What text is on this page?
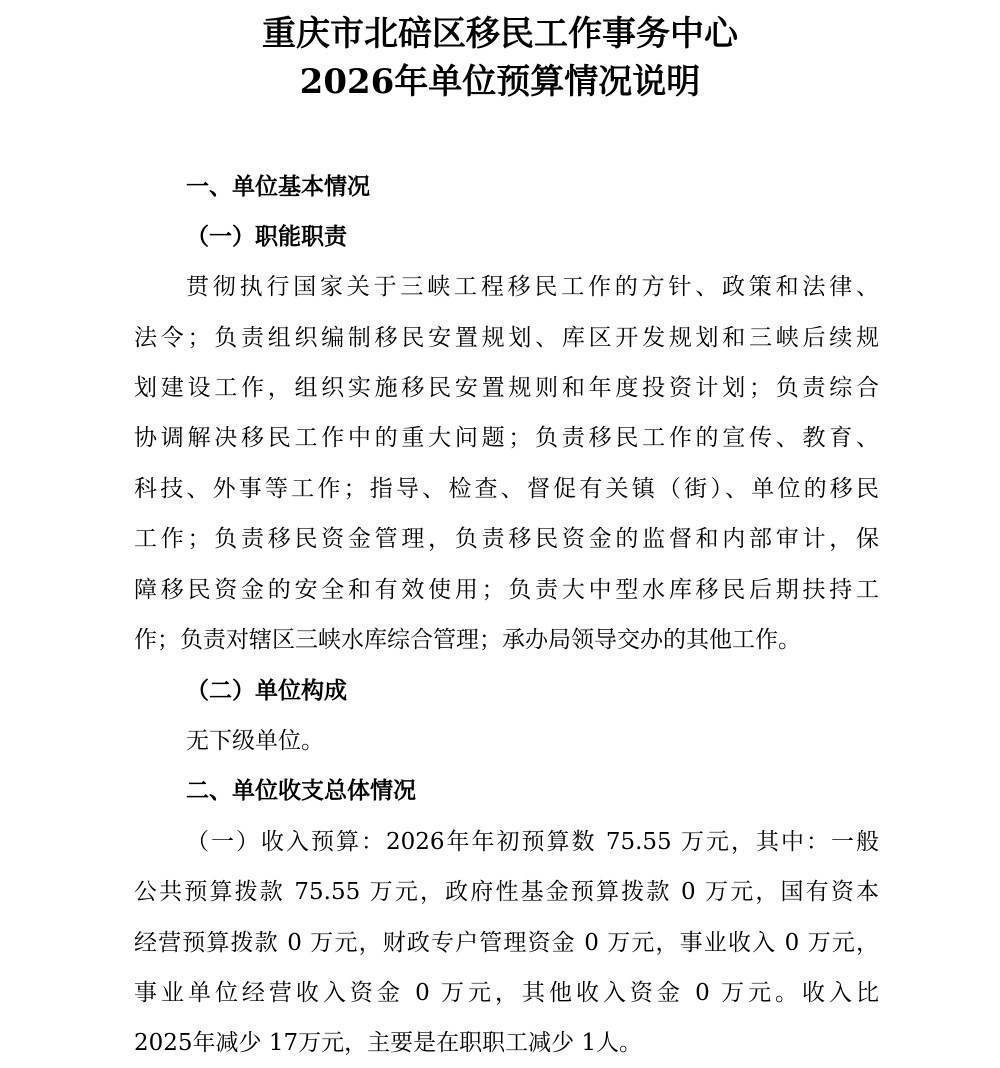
重庆市北碚区移民工作事务中心
2026年单位预算情况说明
一、单位基本情况
（一）职能职责

贯彻执行国家关于三峡工程移民工作的方针、政策和法律、

法令；负责组织编制移民安置规划、库区开发规划和三峡后续规

划建设工作，组织实施移民安置规则和年度投资计划；负责综合

协调解决移民工作中的重大问题；负责移民工作的宣传、教育、

科技、外事等工作；指导、检查、督促有关镇（街）、单位的移民

工作；负责移民资金管理，负责移民资金的监督和内部审计，保

障移民资金的安全和有效使用；负责大中型水库移民后期扶持工

作；负责对辖区三峡水库综合管理；承办局领导交办的其他工作。

（二）单位构成

无下级单位。

二、单位收支总体情况

（一）收入预算：2026年年初预算数 75.55 万元，其中：一般

公共预算拨款 75.55 万元，政府性基金预算拨款 0 万元，国有资本

经营预算拨款 0 万元，财政专户管理资金 0 万元，事业收入 0 万元，

事业单位经营收入资金 0 万元，其他收入资金 0 万元。收入比

2025年减少 17万元，主要是在职职工减少 1人。
